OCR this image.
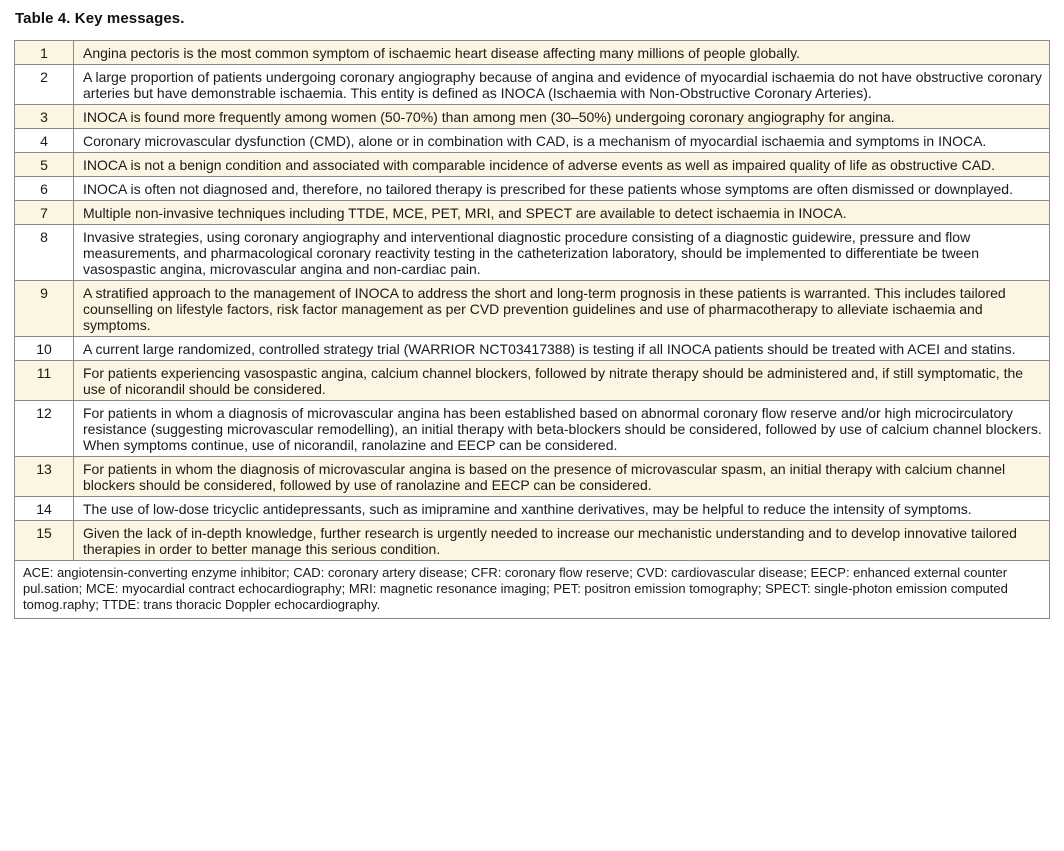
Table 4. Key messages.
1	Angina pectoris is the most common symptom of ischaemic heart disease affecting many millions of people globally.
2	A large proportion of patients undergoing coronary angiography because of angina and evidence of myocardial ischaemia do not have obstructive coronary arteries but have demonstrable ischaemia. This entity is defined as INOCA (Ischaemia with Non-Obstructive Coronary Arteries).
3	INOCA is found more frequently among women (50-70%) than among men (30–50%) undergoing coronary angiography for angina.
4	Coronary microvascular dysfunction (CMD), alone or in combination with CAD, is a mechanism of myocardial ischaemia and symptoms in INOCA.
5	INOCA is not a benign condition and associated with comparable incidence of adverse events as well as impaired quality of life as obstructive CAD.
6	INOCA is often not diagnosed and, therefore, no tailored therapy is prescribed for these patients whose symptoms are often dismissed or downplayed.
7	Multiple non-invasive techniques including TTDE, MCE, PET, MRI, and SPECT are available to detect ischaemia in INOCA.
8	Invasive strategies, using coronary angiography and interventional diagnostic procedure consisting of a diagnostic guidewire, pressure and flow measurements, and pharmacological coronary reactivity testing in the catheterization laboratory, should be implemented to differentiate be tween vasospastic angina, microvascular angina and non-cardiac pain.
9	A stratified approach to the management of INOCA to address the short and long-term prognosis in these patients is warranted. This includes tailored counselling on lifestyle factors, risk factor management as per CVD prevention guidelines and use of pharmacotherapy to alleviate ischaemia and symptoms.
10	A current large randomized, controlled strategy trial (WARRIOR NCT03417388) is testing if all INOCA patients should be treated with ACEI and statins.
11	For patients experiencing vasospastic angina, calcium channel blockers, followed by nitrate therapy should be administered and, if still symptomatic, the use of nicorandil should be considered.
12	For patients in whom a diagnosis of microvascular angina has been established based on abnormal coronary flow reserve and/or high microcirculatory resistance (suggesting microvascular remodelling), an initial therapy with beta-blockers should be considered, followed by use of calcium channel blockers. When symptoms continue, use of nicorandil, ranolazine and EECP can be considered.
13	For patients in whom the diagnosis of microvascular angina is based on the presence of microvascular spasm, an initial therapy with calcium channel blockers should be considered, followed by use of ranolazine and EECP can be considered.
14	The use of low-dose tricyclic antidepressants, such as imipramine and xanthine derivatives, may be helpful to reduce the intensity of symptoms.
15	Given the lack of in-depth knowledge, further research is urgently needed to increase our mechanistic understanding and to develop innovative tailored therapies in order to better manage this serious condition.
ACE: angiotensin-converting enzyme inhibitor; CAD: coronary artery disease; CFR: coronary flow reserve; CVD: cardiovascular disease; EECP: enhanced external counter pul.sation; MCE: myocardial contract echocardiography; MRI: magnetic resonance imaging; PET: positron emission tomography; SPECT: single-photon emission computed tomog.raphy; TTDE: trans thoracic Doppler echocardiography.	
